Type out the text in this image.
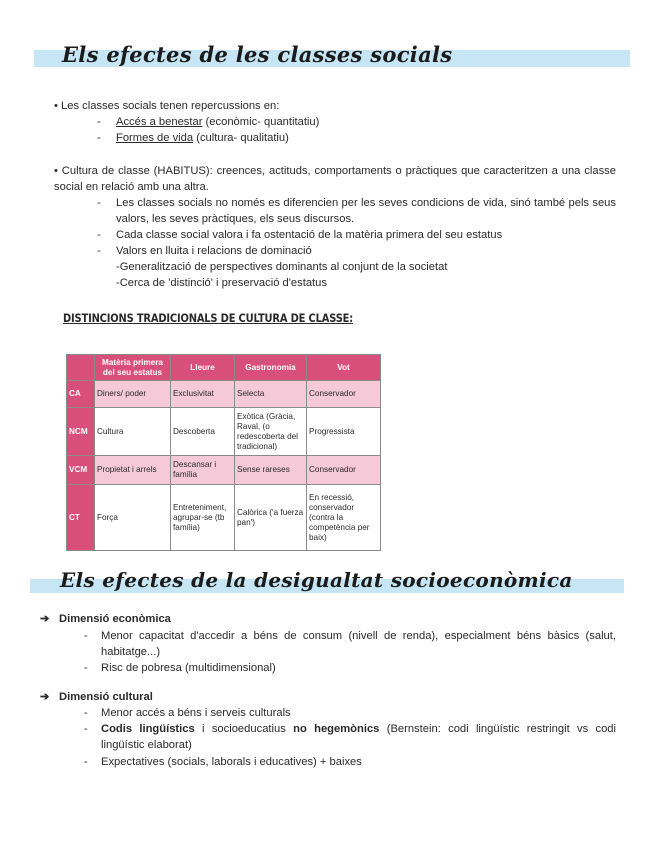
Els efectes de les classes socials
• Les classes socials tenen repercussions en:
- Accés a benestar (econòmic- quantitatiu)
- Formes de vida (cultura- qualitatiu)
• Cultura de classe (HABITUS): creences, actituds, comportaments o pràctiques que caracteritzen a una classe social en relació amb una altra.
- Les classes socials no només es diferencien per les seves condicions de vida, sinó també pels seus valors, les seves pràctiques, els seus discursos.
- Cada classe social valora i fa ostentació de la matèria primera del seu estatus
- Valors en lluita i relacions de dominació
-Generalització de perspectives dominants al conjunt de la societat
-Cerca de 'distinció' i preservació d'estatus
DISTINCIONS TRADICIONALS DE CULTURA DE CLASSE:
	Matèria primera del seu estatus	Lleure	Gastronomia	Vot
CA	Diners/ poder	Exclusivitat	Selecta	Conservador
NCM	Cultura	Descoberta	Exòtica (Gràcia, Raval, (o redescoberta del tradicional)	Progressista
VCM	Propietat i arrels	Descansar i família	Sense rareses	Conservador
CT	Força	Entreteniment, agrupar-se (tb família)	Calòrica ('a fuerza pan')	En recessió, conservador (contra la competència per baix)
Els efectes de la desigualtat socioeconòmica
➔ Dimensió econòmica
- Menor capacitat d'accedir a béns de consum (nivell de renda), especialment béns bàsics (salut, habitatge...)
- Risc de pobresa (multidimensional)
➔ Dimensió cultural
- Menor accés a béns i serveis culturals
- Codis lingüístics i socioeducatius no hegemònics (Bernstein: codi lingüístic restringit vs codi lingüístic elaborat)
- Expectatives (socials, laborals i educatives) + baixes
